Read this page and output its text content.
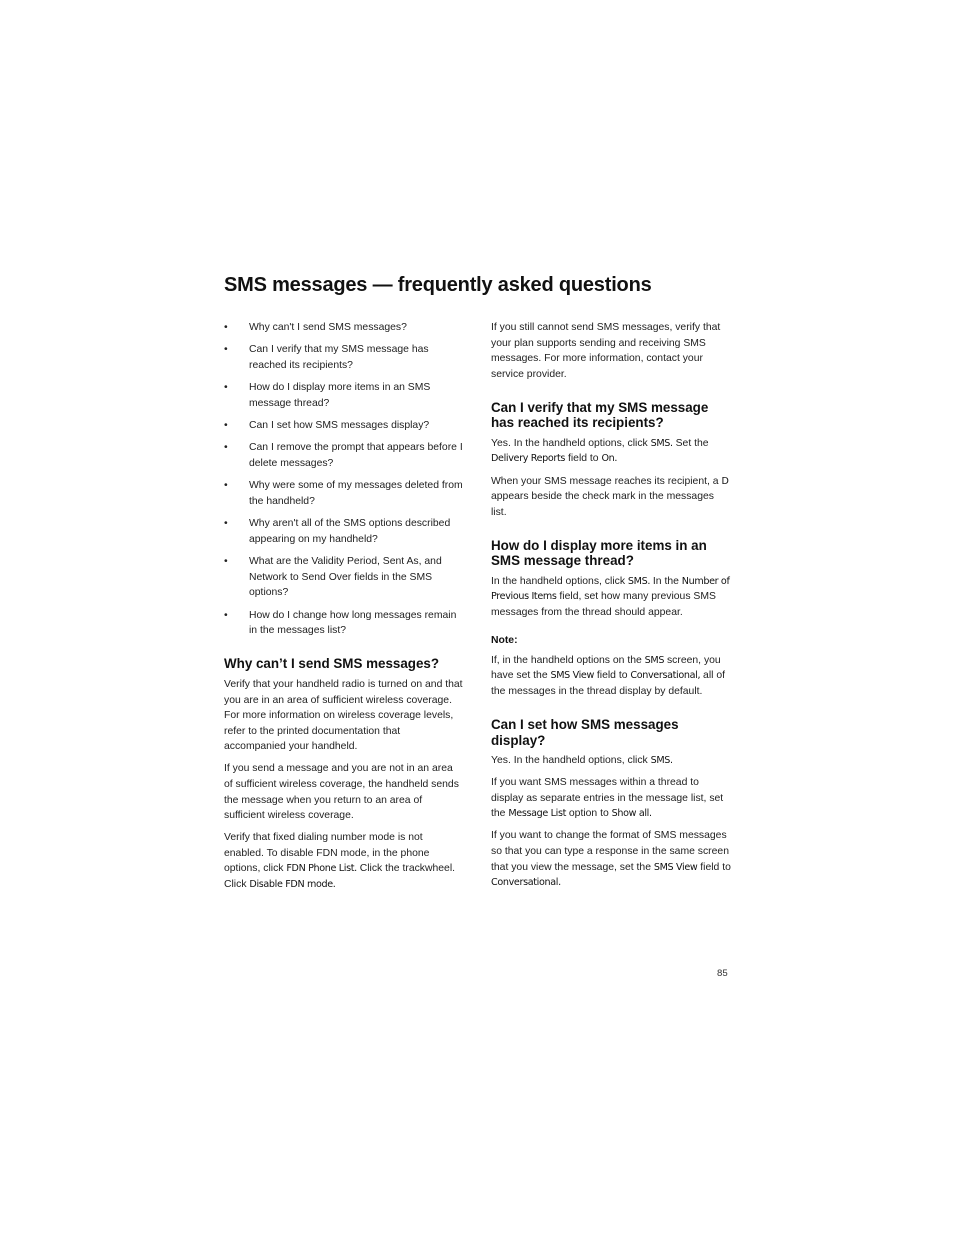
SMS messages — frequently asked questions
• Why can't I send SMS messages?
• Can I verify that my SMS message has reached its recipients?
• How do I display more items in an SMS message thread?
• Can I set how SMS messages display?
• Can I remove the prompt that appears before I delete messages?
• Why were some of my messages deleted from the handheld?
• Why aren't all of the SMS options described appearing on my handheld?
• What are the Validity Period, Sent As, and Network to Send Over fields in the SMS options?
• How do I change how long messages remain in the messages list?
Why can’t I send SMS messages?

Verify that your handheld radio is turned on and that you are in an area of sufficient wireless coverage. For more information on wireless coverage levels, refer to the printed documentation that accompanied your handheld.

If you send a message and you are not in an area of sufficient wireless coverage, the handheld sends the message when you return to an area of sufficient wireless coverage.

Verify that fixed dialing number mode is not enabled. To disable FDN mode, in the phone options, click FDN Phone List. Click the trackwheel. Click Disable FDN mode.

If you still cannot send SMS messages, verify that your plan supports sending and receiving SMS messages. For more information, contact your service provider.

Can I verify that my SMS message has reached its recipients?

Yes. In the handheld options, click SMS. Set the Delivery Reports field to On.

When your SMS message reaches its recipient, a D appears beside the check mark in the messages list.

How do I display more items in an SMS message thread?

In the handheld options, click SMS. In the Number of Previous Items field, set how many previous SMS messages from the thread should appear.

Note:

If, in the handheld options on the SMS screen, you have set the SMS View field to Conversational, all of the messages in the thread display by default.

Can I set how SMS messages display?

Yes. In the handheld options, click SMS.

If you want SMS messages within a thread to display as separate entries in the message list, set the Message List option to Show all.

If you want to change the format of SMS messages so that you can type a response in the same screen that you view the message, set the SMS View field to Conversational.

85
